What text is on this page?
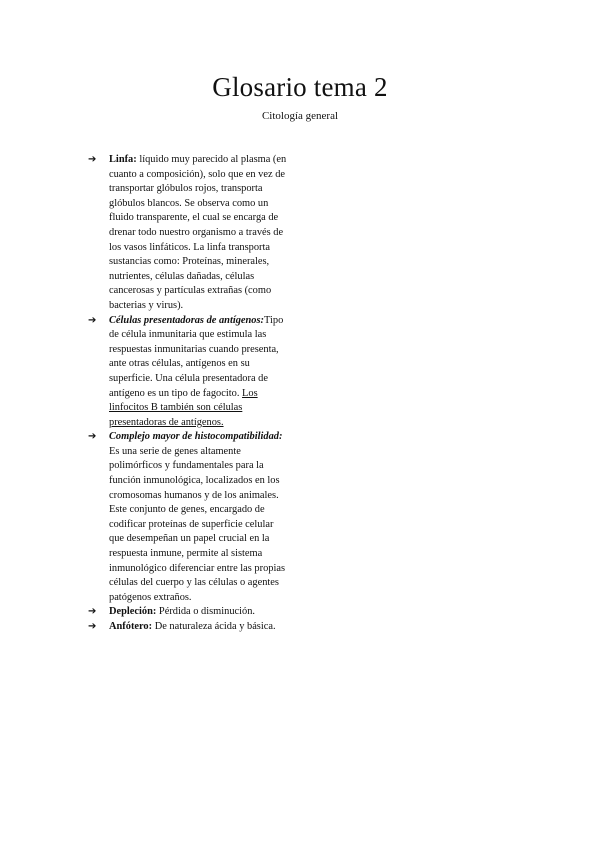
Glosario tema 2

Citología general

➔ Linfa: líquido muy parecido al plasma (en cuanto a composición), solo que en vez de transportar glóbulos rojos, transporta glóbulos blancos. Se observa como un fluido transparente, el cual se encarga de drenar todo nuestro organismo a través de los vasos linfáticos. La linfa transporta sustancias como: Proteínas, minerales, nutrientes, células dañadas, células cancerosas y partículas extrañas (como bacterias y virus).
➔ Células presentadoras de antígenos:Tipo de célula inmunitaria que estimula las respuestas inmunitarias cuando presenta, ante otras células, antígenos en su superficie. Una célula presentadora de antígeno es un tipo de fagocito. Los linfocitos B también son células presentadoras de antígenos.
➔ Complejo mayor de histocompatibilidad: Es una serie de genes altamente polimórficos y fundamentales para la función inmunológica, localizados en los cromosomas humanos y de los animales. Este conjunto de genes, encargado de codificar proteínas de superficie celular que desempeñan un papel crucial en la respuesta inmune, permite al sistema inmunológico diferenciar entre las propias células del cuerpo y las células o agentes patógenos extraños.
➔ Depleción: Pérdida o disminución.
➔ Anfótero: De naturaleza ácida y básica.
